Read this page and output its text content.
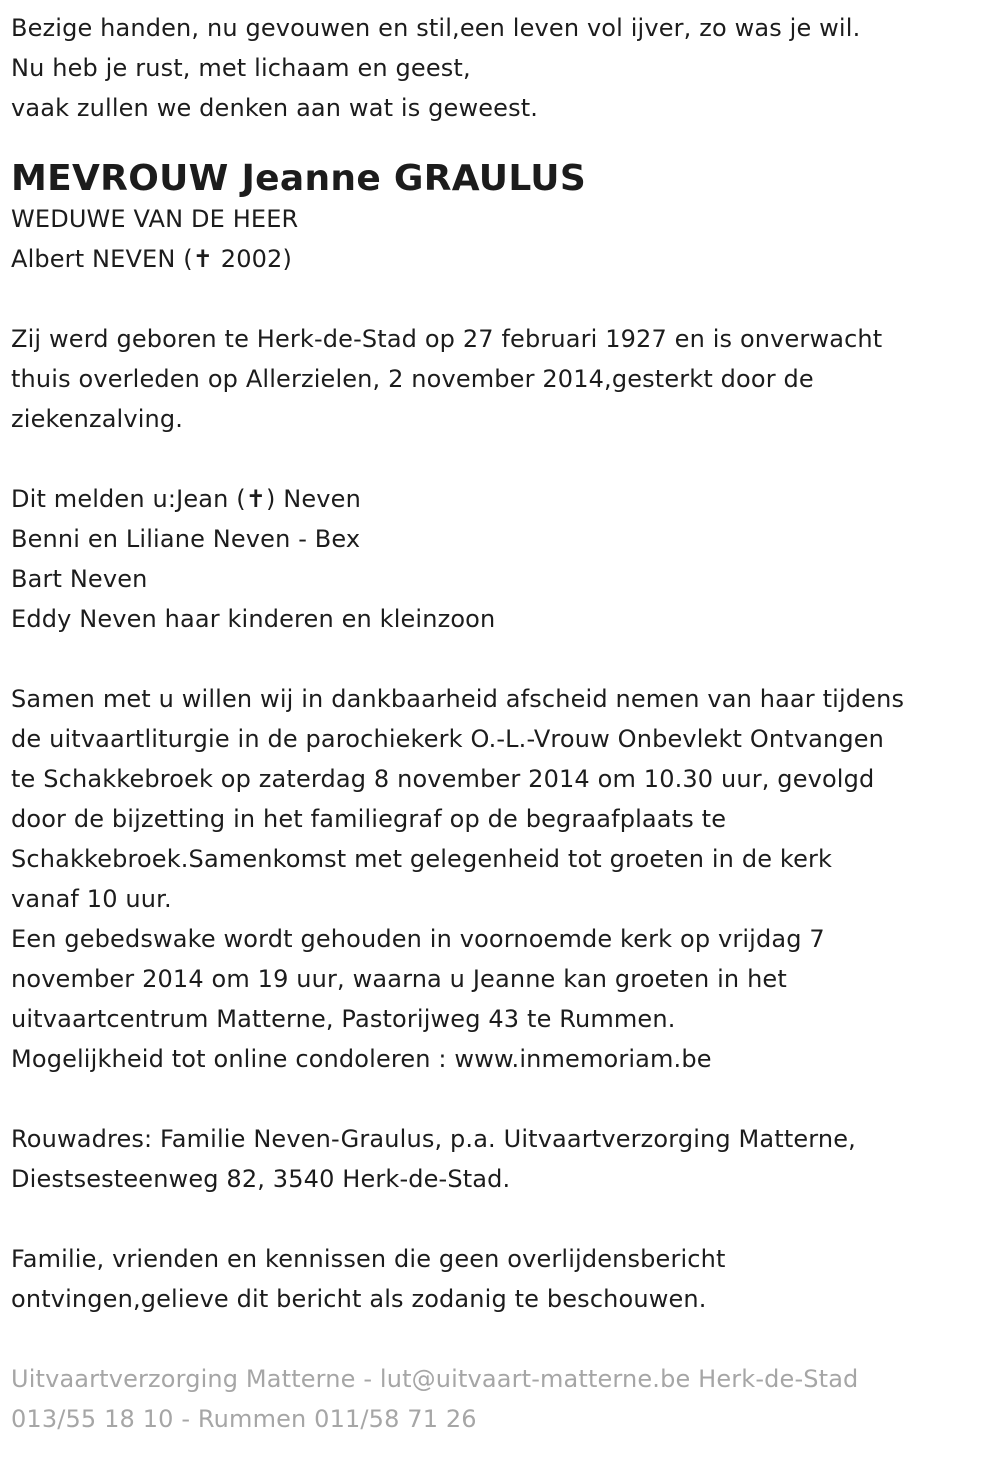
Bezige handen, nu gevouwen en stil,een leven vol ijver, zo was je wil.
Nu heb je rust, met lichaam en geest,
vaak zullen we denken aan wat is geweest.
MEVROUW Jeanne GRAULUS
WEDUWE VAN DE HEER
Albert NEVEN (✝ 2002)
Zij werd geboren te Herk-de-Stad op 27 februari 1927 en is onverwacht
thuis overleden op Allerzielen, 2 november 2014,gesterkt door de
ziekenzalving.
Dit melden u:Jean (✝) Neven
Benni en Liliane Neven - Bex
Bart Neven
Eddy Neven haar kinderen en kleinzoon
Samen met u willen wij in dankbaarheid afscheid nemen van haar tijdens
de uitvaartliturgie in de parochiekerk O.-L.-Vrouw Onbevlekt Ontvangen
te Schakkebroek op zaterdag 8 november 2014 om 10.30 uur, gevolgd
door de bijzetting in het familiegraf op de begraafplaats te
Schakkebroek.Samenkomst met gelegenheid tot groeten in de kerk
vanaf 10 uur.
Een gebedswake wordt gehouden in voornoemde kerk op vrijdag 7
november 2014 om 19 uur, waarna u Jeanne kan groeten in het
uitvaartcentrum Matterne, Pastorijweg 43 te Rummen.
Mogelijkheid tot online condoleren : www.inmemoriam.be
Rouwadres: Familie Neven-Graulus, p.a. Uitvaartverzorging Matterne,
Diestsesteenweg 82, 3540 Herk-de-Stad.
Familie, vrienden en kennissen die geen overlijdensbericht
ontvingen,gelieve dit bericht als zodanig te beschouwen.
Uitvaartverzorging Matterne - lut@uitvaart-matterne.be Herk-de-Stad
013/55 18 10 - Rummen 011/58 71 26
